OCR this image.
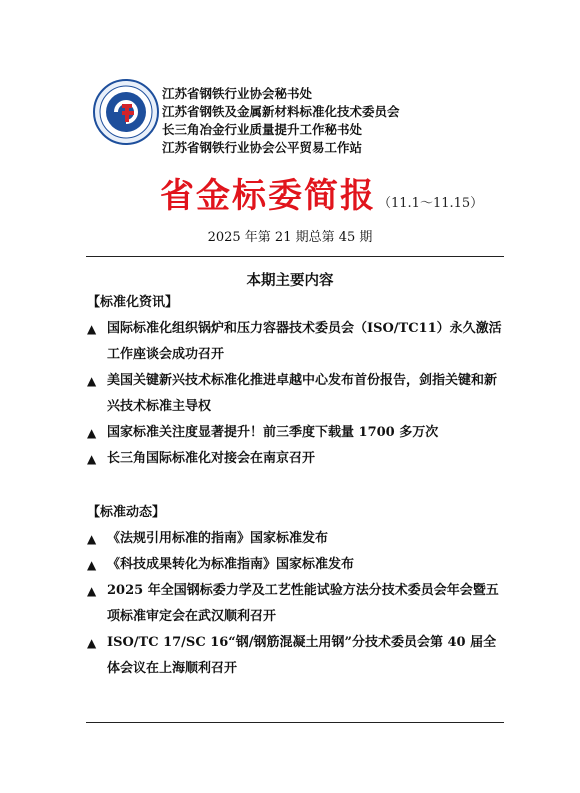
江苏省钢铁行业协会秘书处
江苏省钢铁及金属新材料标准化技术委员会
长三角冶金行业质量提升工作秘书处
江苏省钢铁行业协会公平贸易工作站
省金标委简报 （11.1～11.15）
2025 年第 21 期总第 45 期
本期主要内容
【标准化资讯】
▲ 国际标准化组织锅炉和压力容器技术委员会（ISO/TC11）永久激活工作座谈会成功召开
▲ 美国关键新兴技术标准化推进卓越中心发布首份报告，剑指关键和新兴技术标准主导权
▲ 国家标准关注度显著提升！前三季度下载量 1700 多万次
▲ 长三角国际标准化对接会在南京召开
【标准动态】
▲ 《法规引用标准的指南》国家标准发布
▲ 《科技成果转化为标准指南》国家标准发布
▲ 2025 年全国钢标委力学及工艺性能试验方法分技术委员会年会暨五项标准审定会在武汉顺利召开
▲ ISO/TC 17/SC 16“钢/钢筋混凝土用钢”分技术委员会第 40 届全体会议在上海顺利召开
